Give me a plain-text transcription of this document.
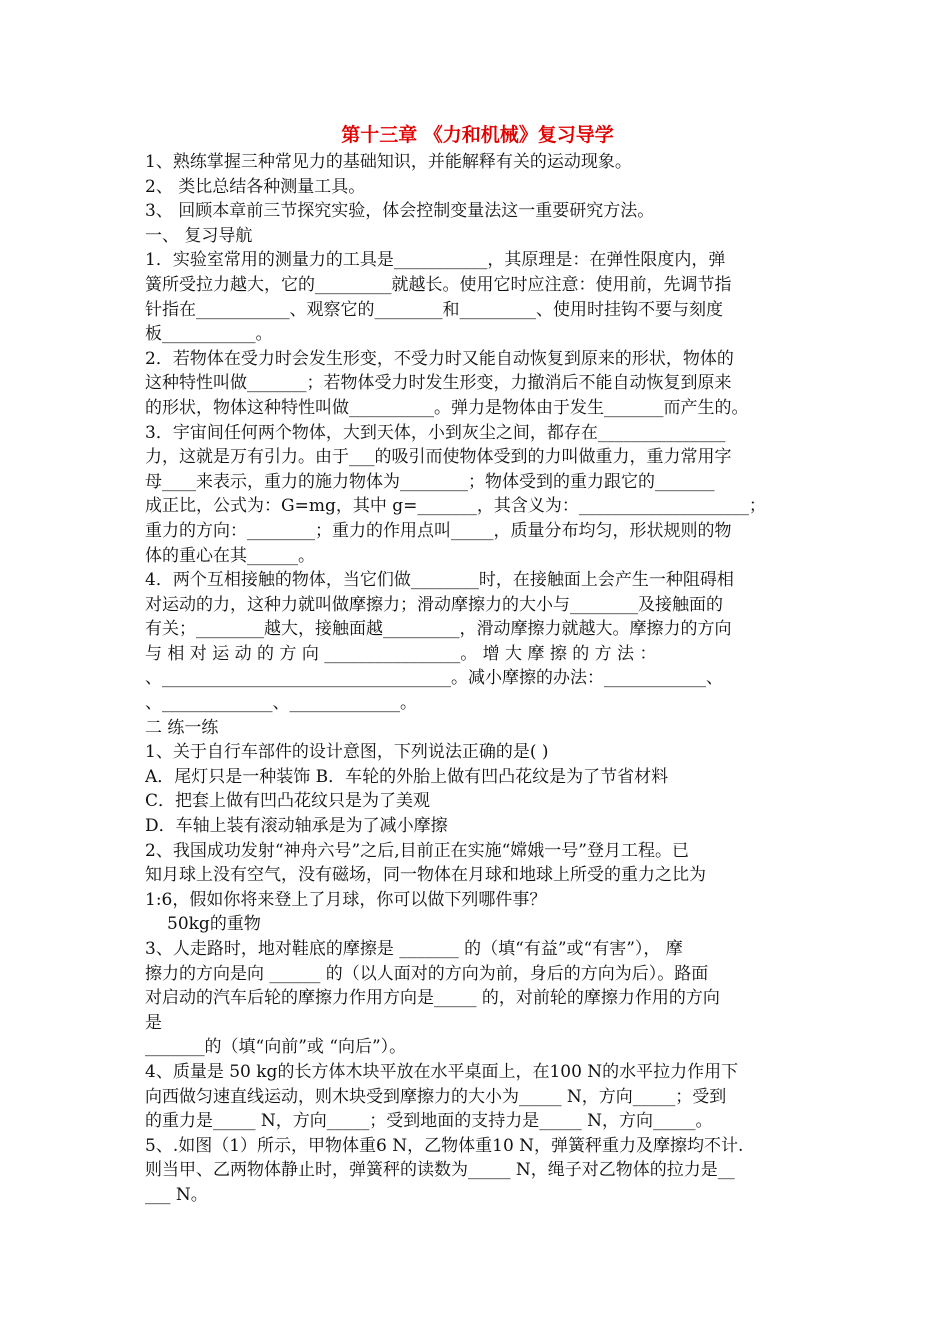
第十三章 《力和机械》复习导学
1、熟练掌握三种常见力的基础知识，并能解释有关的运动现象。
2、 类比总结各种测量工具。
3、 回顾本章前三节探究实验，体会控制变量法这一重要研究方法。
一、 复习导航
1．实验室常用的测量力的工具是___________，其原理是：在弹性限度内，弹
簧所受拉力越大，它的_________就越长。使用它时应注意：使用前，先调节指
针指在___________、观察它的________和_________、使用时挂钩不要与刻度
板___________。
2．若物体在受力时会发生形变，不受力时又能自动恢复到原来的形状，物体的
这种特性叫做_______；若物体受力时发生形变，力撤消后不能自动恢复到原来
的形状，物体这种特性叫做__________。弹力是物体由于发生_______而产生的。
3．宇宙间任何两个物体，大到天体，小到灰尘之间，都存在_______________
力，这就是万有引力。由于___的吸引而使物体受到的力叫做重力，重力常用字
母____来表示，重力的施力物体为________；物体受到的重力跟它的_______
成正比，公式为：G=mg，其中 g=_______，其含义为：____________________；
重力的方向：________；重力的作用点叫_____，质量分布均匀，形状规则的物
体的重心在其______。
4．两个互相接触的物体，当它们做________时，在接触面上会产生一种阻碍相
对运动的力，这种力就叫做摩擦力；滑动摩擦力的大小与________及接触面的
有关；________越大，接触面越_________，滑动摩擦力就越大。摩擦力的方向
与 相 对 运 动 的 方 向 ________________。 增 大 摩 擦 的 方 法 ：
、__________________________________。减小摩擦的办法：____________、
、_____________、_____________。
二 练一练
1、关于自行车部件的设计意图，下列说法正确的是( )
A．尾灯只是一种装饰 B．车轮的外胎上做有凹凸花纹是为了节省材料
C．把套上做有凹凸花纹只是为了美观
D．车轴上装有滚动轴承是为了减小摩擦
2、我国成功发射“神舟六号”之后,目前正在实施“嫦娥一号”登月工程。已
知月球上没有空气，没有磁场，同一物体在月球和地球上所受的重力之比为
1:6，假如你将来登上了月球，你可以做下列哪件事？
50kg的重物
3、人走路时，地对鞋底的摩擦是 _______ 的（填“有益”或“有害”）， 摩
擦力的方向是向 ______ 的（以人面对的方向为前，身后的方向为后）。路面
对启动的汽车后轮的摩擦力作用方向是_____ 的，对前轮的摩擦力作用的方向
是
_______的（填“向前”或 “向后”）。
4、质量是 50 kg的长方体木块平放在水平桌面上，在100 N的水平拉力作用下
向西做匀速直线运动，则木块受到摩擦力的大小为_____ N，方向_____；受到
的重力是_____ N，方向_____；受到地面的支持力是_____ N，方向_____。
5、.如图（1）所示，甲物体重6 N，乙物体重10 N，弹簧秤重力及摩擦均不计.
则当甲、乙两物体静止时，弹簧秤的读数为_____ N，绳子对乙物体的拉力是__
___ N。
